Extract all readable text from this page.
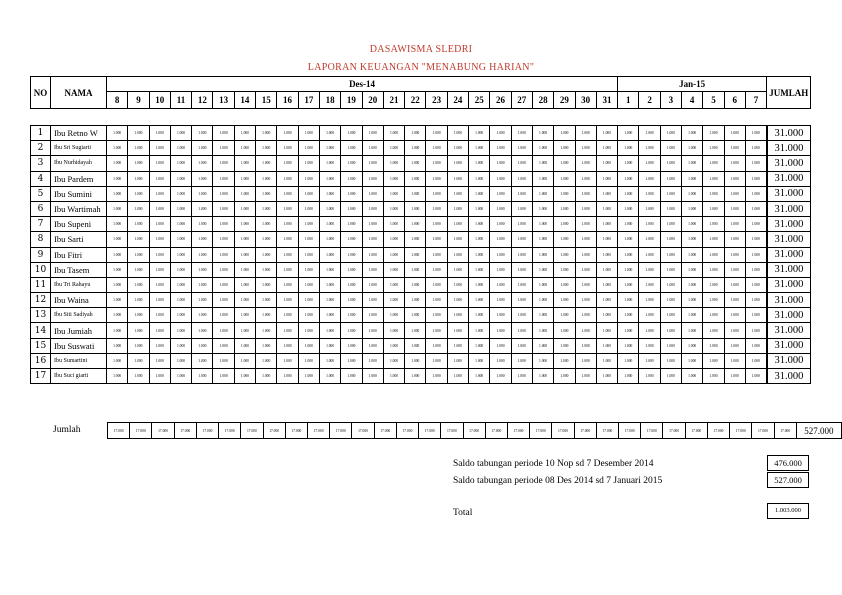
DASAWISMA SLEDRI
LAPORAN KEUANGAN "MENABUNG HARIAN"
NO	NAMA	Des-14																								Jan-15							JUMLAH
		8	9	10	11	12	13	14	15	16	17	18	19	20	21	22	23	24	25	26	27	28	29	30	31	1	2	3	4	5	6	7	
1	Ibu Retno W	1.000	1.000	1.000	1.000	1.000	1.000	1.000	1.000	1.000	1.000	1.000	1.000	1.000	1.000	1.000	1.000	1.000	1.000	1.000	1.000	1.000	1.000	1.000	1.000	1.000	1.000	1.000	1.000	1.000	1.000	1.000	31.000
2	Ibu Sri Sugiarti	1.000	1.000	1.000	1.000	1.000	1.000	1.000	1.000	1.000	1.000	1.000	1.000	1.000	1.000	1.000	1.000	1.000	1.000	1.000	1.000	1.000	1.000	1.000	1.000	1.000	1.000	1.000	1.000	1.000	1.000	1.000	31.000
3	Ibu Nurhidayah	1.000	1.000	1.000	1.000	1.000	1.000	1.000	1.000	1.000	1.000	1.000	1.000	1.000	1.000	1.000	1.000	1.000	1.000	1.000	1.000	1.000	1.000	1.000	1.000	1.000	1.000	1.000	1.000	1.000	1.000	1.000	31.000
4	Ibu Pardem	1.000	1.000	1.000	1.000	1.000	1.000	1.000	1.000	1.000	1.000	1.000	1.000	1.000	1.000	1.000	1.000	1.000	1.000	1.000	1.000	1.000	1.000	1.000	1.000	1.000	1.000	1.000	1.000	1.000	1.000	1.000	31.000
5	Ibu Sumini	1.000	1.000	1.000	1.000	1.000	1.000	1.000	1.000	1.000	1.000	1.000	1.000	1.000	1.000	1.000	1.000	1.000	1.000	1.000	1.000	1.000	1.000	1.000	1.000	1.000	1.000	1.000	1.000	1.000	1.000	1.000	31.000
6	Ibu Wartimah	1.000	1.000	1.000	1.000	1.000	1.000	1.000	1.000	1.000	1.000	1.000	1.000	1.000	1.000	1.000	1.000	1.000	1.000	1.000	1.000	1.000	1.000	1.000	1.000	1.000	1.000	1.000	1.000	1.000	1.000	1.000	31.000
7	Ibu Supeni	1.000	1.000	1.000	1.000	1.000	1.000	1.000	1.000	1.000	1.000	1.000	1.000	1.000	1.000	1.000	1.000	1.000	1.000	1.000	1.000	1.000	1.000	1.000	1.000	1.000	1.000	1.000	1.000	1.000	1.000	1.000	31.000
8	Ibu Sarti	1.000	1.000	1.000	1.000	1.000	1.000	1.000	1.000	1.000	1.000	1.000	1.000	1.000	1.000	1.000	1.000	1.000	1.000	1.000	1.000	1.000	1.000	1.000	1.000	1.000	1.000	1.000	1.000	1.000	1.000	1.000	31.000
9	Ibu Fitri	1.000	1.000	1.000	1.000	1.000	1.000	1.000	1.000	1.000	1.000	1.000	1.000	1.000	1.000	1.000	1.000	1.000	1.000	1.000	1.000	1.000	1.000	1.000	1.000	1.000	1.000	1.000	1.000	1.000	1.000	1.000	31.000
10	Ibu Tasem	1.000	1.000	1.000	1.000	1.000	1.000	1.000	1.000	1.000	1.000	1.000	1.000	1.000	1.000	1.000	1.000	1.000	1.000	1.000	1.000	1.000	1.000	1.000	1.000	1.000	1.000	1.000	1.000	1.000	1.000	1.000	31.000
11	Ibu Tri Rahayu	1.000	1.000	1.000	1.000	1.000	1.000	1.000	1.000	1.000	1.000	1.000	1.000	1.000	1.000	1.000	1.000	1.000	1.000	1.000	1.000	1.000	1.000	1.000	1.000	1.000	1.000	1.000	1.000	1.000	1.000	1.000	31.000
12	Ibu Waina	1.000	1.000	1.000	1.000	1.000	1.000	1.000	1.000	1.000	1.000	1.000	1.000	1.000	1.000	1.000	1.000	1.000	1.000	1.000	1.000	1.000	1.000	1.000	1.000	1.000	1.000	1.000	1.000	1.000	1.000	1.000	31.000
13	Ibu Siti Sadiyah	1.000	1.000	1.000	1.000	1.000	1.000	1.000	1.000	1.000	1.000	1.000	1.000	1.000	1.000	1.000	1.000	1.000	1.000	1.000	1.000	1.000	1.000	1.000	1.000	1.000	1.000	1.000	1.000	1.000	1.000	1.000	31.000
14	Ibu Jumiah	1.000	1.000	1.000	1.000	1.000	1.000	1.000	1.000	1.000	1.000	1.000	1.000	1.000	1.000	1.000	1.000	1.000	1.000	1.000	1.000	1.000	1.000	1.000	1.000	1.000	1.000	1.000	1.000	1.000	1.000	1.000	31.000
15	Ibu Suswati	1.000	1.000	1.000	1.000	1.000	1.000	1.000	1.000	1.000	1.000	1.000	1.000	1.000	1.000	1.000	1.000	1.000	1.000	1.000	1.000	1.000	1.000	1.000	1.000	1.000	1.000	1.000	1.000	1.000	1.000	1.000	31.000
16	Ibu Sumartini	1.000	1.000	1.000	1.000	1.000	1.000	1.000	1.000	1.000	1.000	1.000	1.000	1.000	1.000	1.000	1.000	1.000	1.000	1.000	1.000	1.000	1.000	1.000	1.000	1.000	1.000	1.000	1.000	1.000	1.000	1.000	31.000
17	Ibu Suci giarti	1.000	1.000	1.000	1.000	1.000	1.000	1.000	1.000	1.000	1.000	1.000	1.000	1.000	1.000	1.000	1.000	1.000	1.000	1.000	1.000	1.000	1.000	1.000	1.000	1.000	1.000	1.000	1.000	1.000	1.000	1.000	31.000
Jumlah	17.000	17.000	17.000	17.000	17.000	17.000	17.000	17.000	17.000	17.000	17.000	17.000	17.000	17.000	17.000	17.000	17.000	17.000	17.000	17.000	17.000	17.000	17.000	17.000	17.000	17.000	17.000	17.000	17.000	17.000	17.000	527.000
Saldo tabungan periode 10 Nop sd 7 Desember 2014	476.000
Saldo tabungan periode 08 Des 2014 sd 7 Januari 2015	527.000
Total	1.003.000
